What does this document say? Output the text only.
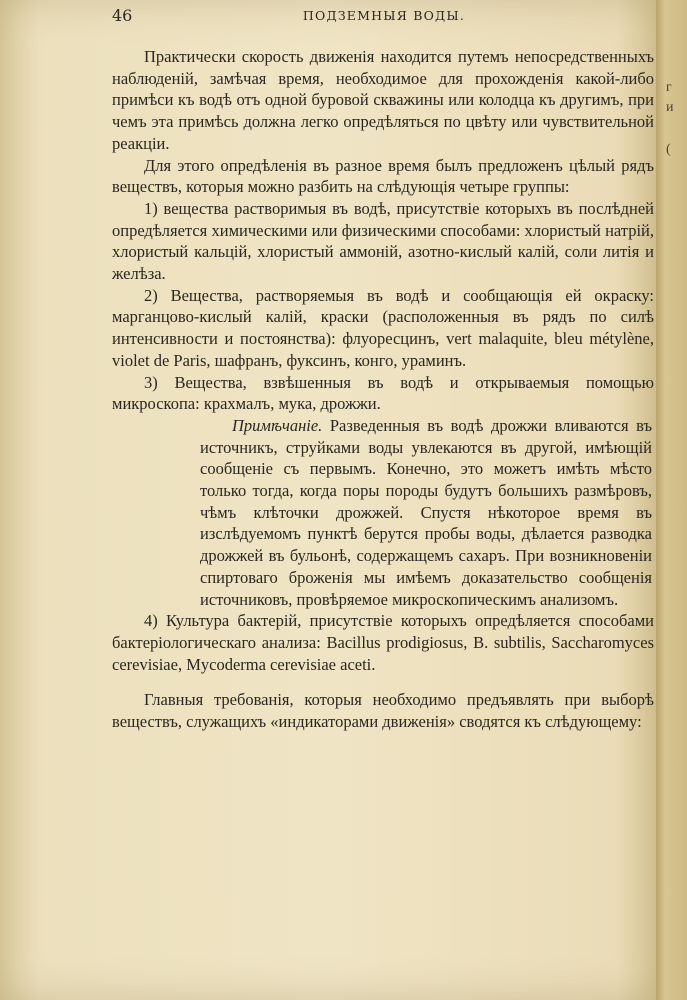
46	ПОДЗЕМНЫЯ ВОДЫ.

Практически скорость движенія находится путемъ непосредственныхъ наблюденій, замѣчая время, необходимое для прохожденія какой-либо примѣси къ водѣ отъ одной буровой скважины или колодца къ другимъ, при чемъ эта примѣсь должна легко опредѣляться по цвѣту или чувствительной реакціи.

Для этого опредѣленія въ разное время былъ предложенъ цѣлый рядъ веществъ, которыя можно разбить на слѣдующія четыре группы:

1) вещества растворимыя въ водѣ, присутствіе которыхъ въ послѣдней опредѣляется химическими или физическими способами: хлористый натрій, хлористый кальцій, хлористый аммоній, азотно-кислый калій, соли литія и желѣза.

2) Вещества, растворяемыя въ водѣ и сообщающія ей окраску: марганцово-кислый калій, краски (расположенныя въ рядъ по силѣ интенсивности и постоянства): флуоресцинъ, vert malaquite, bleu métylène, violet de Paris, шафранъ, фуксинъ, конго, ураминъ.

3) Вещества, взвѣшенныя въ водѣ и открываемыя помощью микроскопа: крахмалъ, мука, дрожжи.

Примѣчаніе. Разведенныя въ водѣ дрожжи вливаются въ источникъ, струйками воды увлекаются въ другой, имѣющій сообщеніе съ первымъ. Конечно, это можетъ имѣть мѣсто только тогда, когда поры породы будутъ большихъ размѣровъ, чѣмъ клѣточки дрожжей. Спустя нѣкоторое время въ изслѣдуемомъ пунктѣ берутся пробы воды, дѣлается разводка дрожжей въ бульонѣ, содержащемъ сахаръ. При возникновеніи спиртоваго броженія мы имѣемъ доказательство сообщенія источниковъ, провѣряемое микроскопическимъ анализомъ.

4) Культура бактерій, присутствіе которыхъ опредѣляется способами бактеріологическаго анализа: Bacillus prodigiosus, B. subtilis, Saccharomyces cerevisiae, Mycoderma cerevisiae aceti.

Главныя требованія, которыя необходимо предъявлять при выборѣ веществъ, служащихъ «индикаторами движенія» сводятся къ слѣдующему:

г
и
(
